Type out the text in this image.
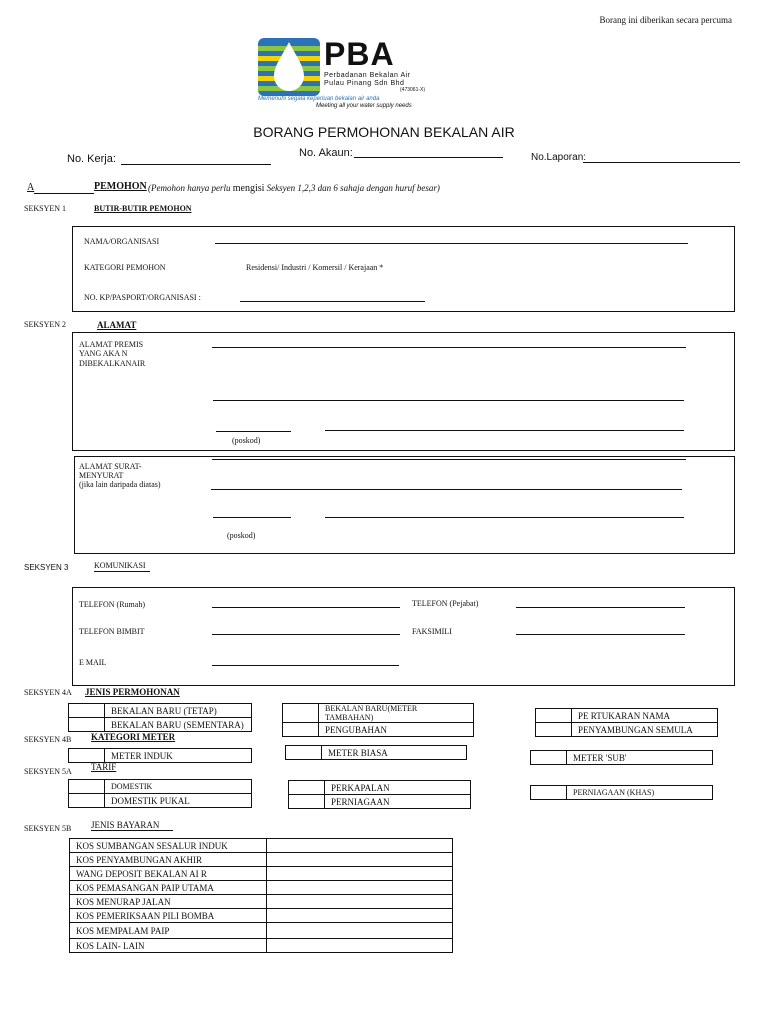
Borang ini diberikan secara percuma
PBA
Perbadanan Bekalan Air
Pulau Pinang Sdn Bhd
(473061-X)
Memenuhi segala keperluan bekalan air anda
Meeting all your water supply needs
BORANG PERMOHONAN BEKALAN AIR
No. Kerja:	No. Akaun:	No.Laporan:
A	PEMOHON (Pemohon hanya perlu mengisi Seksyen 1,2,3 dan 6 sahaja dengan huruf besar)
SEKSYEN 1	BUTIR-BUTIR PEMOHON
NAMA/ORGANISASI
KATEGORI PEMOHON	Residensi/ Industri / Komersil / Kerajaan *
NO. KP/PASPORT/ORGANISASI :
SEKSYEN 2	ALAMAT
ALAMAT PREMIS
YANG AKA N
DIBEKALKANAIR
(poskod)
ALAMAT SURAT-
MENYURAT
(jika lain daripada diatas)
(poskod)
SEKSYEN 3	KOMUNIKASI
TELEFON (Rumah)	TELEFON (Pejabat)
TELEFON BIMBIT	FAKSIMILI
E MAIL
SEKSYEN 4A JENIS PERMOHONAN
	BEKALAN BARU (TETAP)
	BEKALAN BARU (SEMENTARA)
	BEKALAN BARU(METER TAMBAHAN)
	PENGUBAHAN
	PE RTUKARAN NAMA
	PENYAMBUNGAN SEMULA
SEKSYEN 4B KATEGORI METER
	METER INDUK
		METER BIASA
		METER 'SUB'
SEKSYEN 5A TARIF
	DOMESTIK
	DOMESTIK PUKAL
	PERKAPALAN
	PERNIAGAAN
	PERNIAGAAN (KHAS)
SEKSYEN 5B JENIS BAYARAN
KOS SUMBANGAN SESALUR INDUK	
KOS PENYAMBUNGAN AKHIR	
WANG DEPOSIT BEKALAN AI R	
KOS PEMASANGAN PAIP UTAMA	
KOS MENURAP JALAN	
KOS PEMERIKSAAN PILI BOMBA	
KOS MEMPALAM PAIP	
KOS LAIN- LAIN	
